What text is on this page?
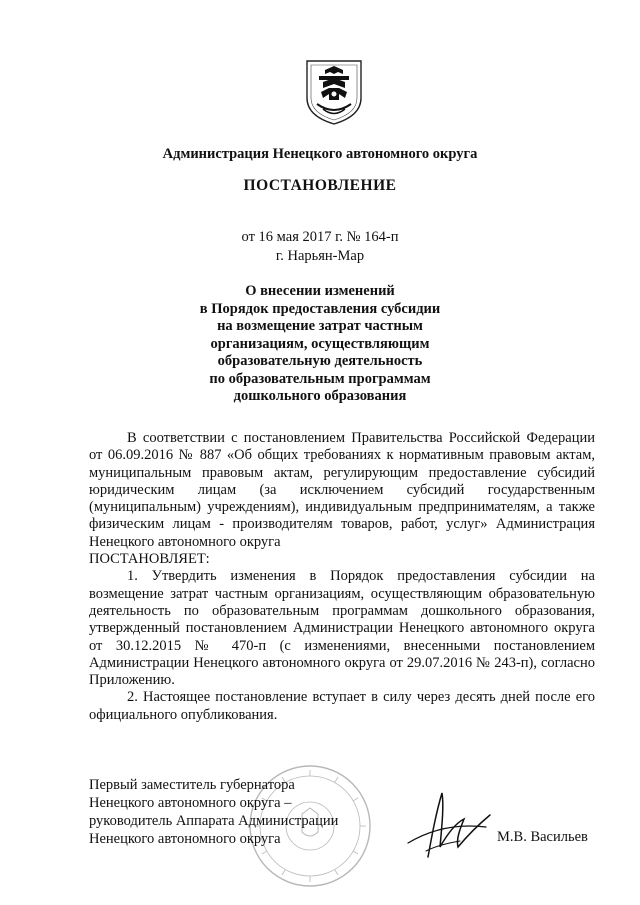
Администрация Ненецкого автономного округа
ПОСТАНОВЛЕНИЕ
от 16 мая 2017 г. № 164-п
г. Нарьян-Мар
О внесении изменений
в Порядок предоставления субсидии
на возмещение затрат частным
организациям, осуществляющим
образовательную деятельность
по образовательным программам
дошкольного образования

В соответствии с постановлением Правительства Российской Федерации от 06.09.2016 № 887 «Об общих требованиях к нормативным правовым актам, муниципальным правовым актам, регулирующим предоставление субсидий юридическим лицам (за исключением субсидий государственным (муниципальным) учреждениям), индивидуальным предпринимателям, а также физическим лицам - производителям товаров, работ, услуг» Администрация Ненецкого автономного округа

ПОСТАНОВЛЯЕТ:

1. Утвердить изменения в Порядок предоставления субсидии на возмещение затрат частным организациям, осуществляющим образовательную деятельность по образовательным программам дошкольного образования, утвержденный постановлением Администрации Ненецкого автономного округа от 30.12.2015 № 470-п (с изменениями, внесенными постановлением Администрации Ненецкого автономного округа от 29.07.2016 № 243-п), согласно Приложению.

2. Настоящее постановление вступает в силу через десять дней после его официального опубликования.

Первый заместитель губернатора
Ненецкого автономного округа –
руководитель Аппарата Администрации
Ненецкого автономного округа	М.В. Васильев
